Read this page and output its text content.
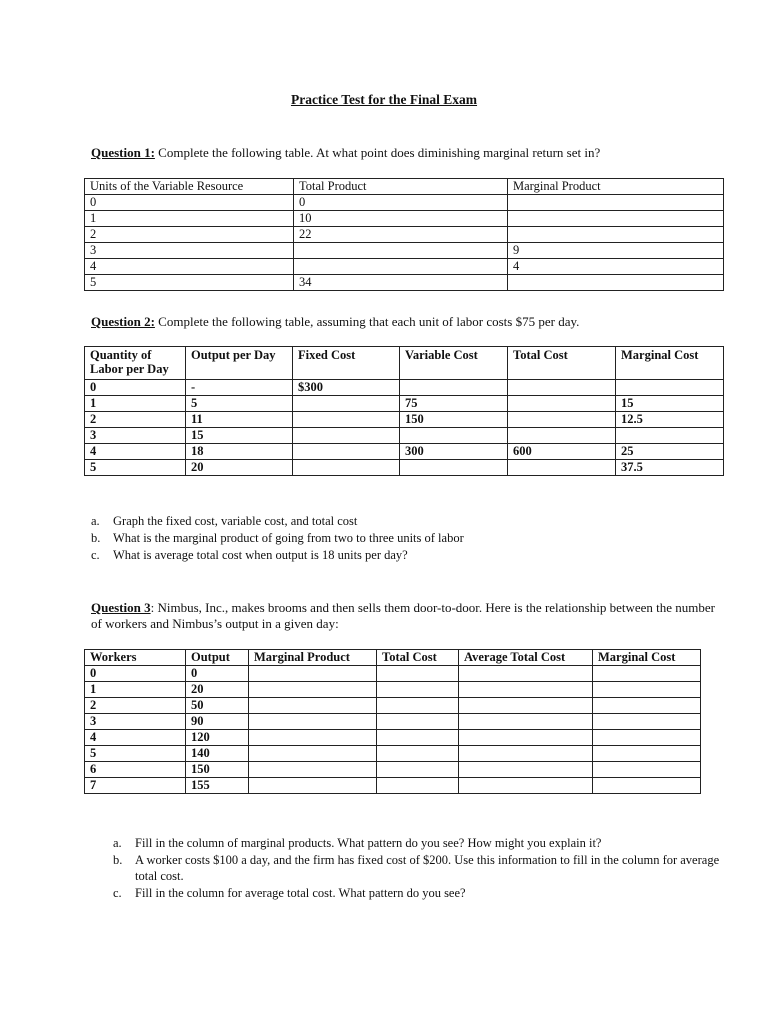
Practice Test for the Final Exam
Question 1: Complete the following table. At what point does diminishing marginal return set in?
Units of the Variable Resource	Total Product	Marginal Product
0	0	
1	10	
2	22	
3		9
4		4
5	34	
Question 2: Complete the following table, assuming that each unit of labor costs $75 per day.
Quantity of Labor per Day	Output per Day	Fixed Cost	Variable Cost	Total Cost	Marginal Cost
0	-	$300			
1	5		75		15
2	11		150		12.5
3	15				
4	18		300	600	25
5	20				37.5
a. Graph the fixed cost, variable cost, and total cost
b. What is the marginal product of going from two to three units of labor
c. What is average total cost when output is 18 units per day?
Question 3: Nimbus, Inc., makes brooms and then sells them door-to-door. Here is the relationship between the number of workers and Nimbus’s output in a given day:
Workers	Output	Marginal Product	Total Cost	Average Total Cost	Marginal Cost
0	0				
1	20				
2	50				
3	90				
4	120				
5	140				
6	150				
7	155				
a. Fill in the column of marginal products. What pattern do you see? How might you explain it?
b. A worker costs $100 a day, and the firm has fixed cost of $200. Use this information to fill in the column for average total cost.
c. Fill in the column for average total cost. What pattern do you see?
